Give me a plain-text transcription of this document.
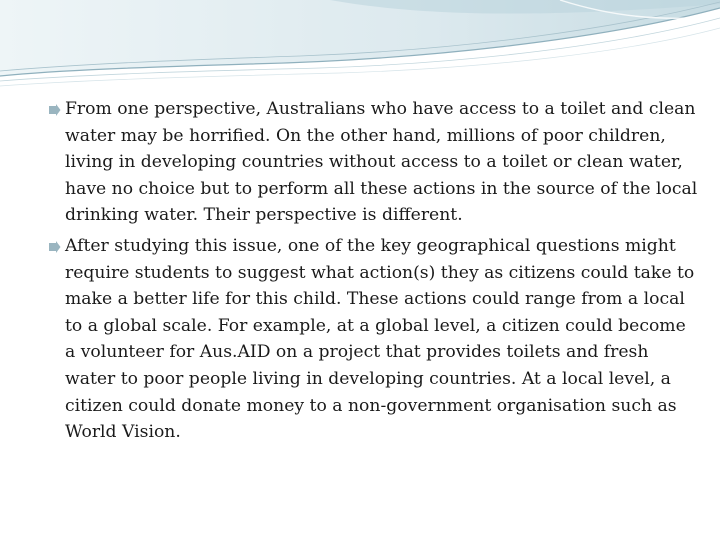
From one perspective, Australians who have access to a toilet and clean water may be horrified. On the other hand, millions of poor children, living in developing countries without access to a toilet or clean water, have no choice but to perform all these actions in the source of the local drinking water. Their perspective is different.
After studying this issue, one of the key geographical questions might require students to suggest what action(s) they as citizens could take to make a better life for this child. These actions could range from a local to a global scale. For example, at a global level, a citizen could become a volunteer for Aus.AID on a project that provides toilets and fresh water to poor people living in developing countries. At a local level, a citizen could donate money to a non-government organisation such as World Vision.
